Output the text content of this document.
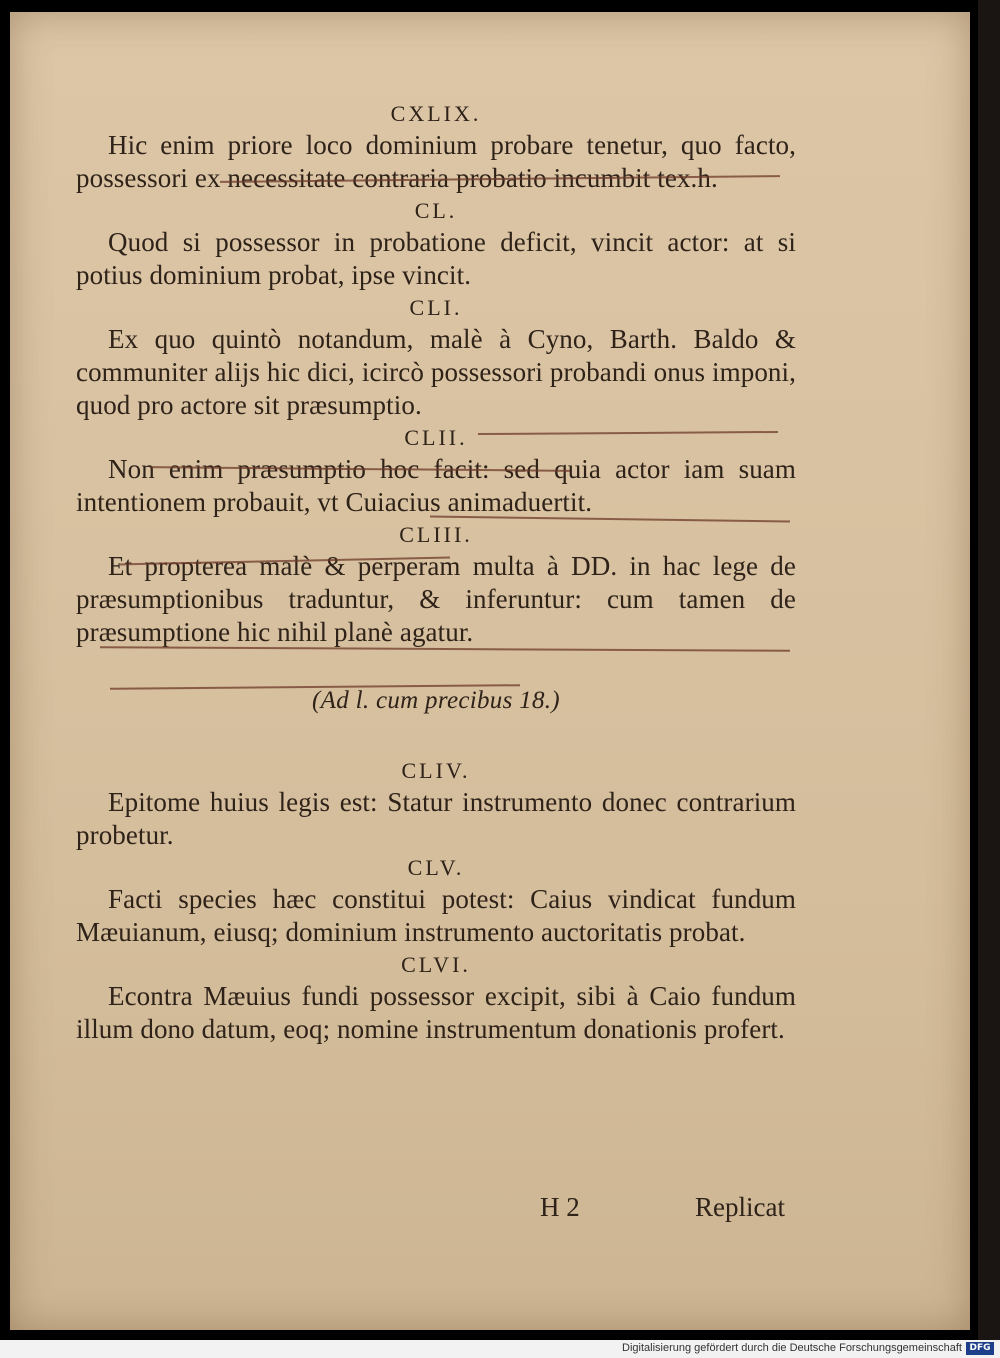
CXLIX.

Hic enim priore loco dominium probare tenetur, quo facto, possessori ex necessitate contraria probatio incumbit tex.h.

CL.

Quod si possessor in probatione deficit, vincit actor: at si potius dominium probat, ipse vincit.

CLI.

Ex quo quintò notandum, malè à Cyno, Barth. Baldo & communiter alijs hic dici, icircò possessori probandi onus imponi, quod pro actore sit præsumptio.

CLII.

Non enim præsumptio hoc facit: sed quia actor iam suam intentionem probauit, vt Cuiacius animaduertit.

CLIII.

Et propterea malè & perperam multa à DD. in hac lege de præsumptionibus traduntur, & inferuntur: cum tamen de præsumptione hic nihil planè agatur.

(Ad l. cum precibus 18.)
CLIV.

Epitome huius legis est: Statur instrumento donec contrarium probetur.

CLV.

Facti species hæc constitui potest: Caius vindicat fundum Mæuianum, eiusq; dominium instrumento auctoritatis probat.

CLVI.

Econtra Mæuius fundi possessor excipit, sibi à Caio fundum illum dono datum, eoq; nomine instrumentum donationis profert.

H 2	Replicat
Digitalisierung gefördert durch die Deutsche Forschungsgemeinschaft DFG
